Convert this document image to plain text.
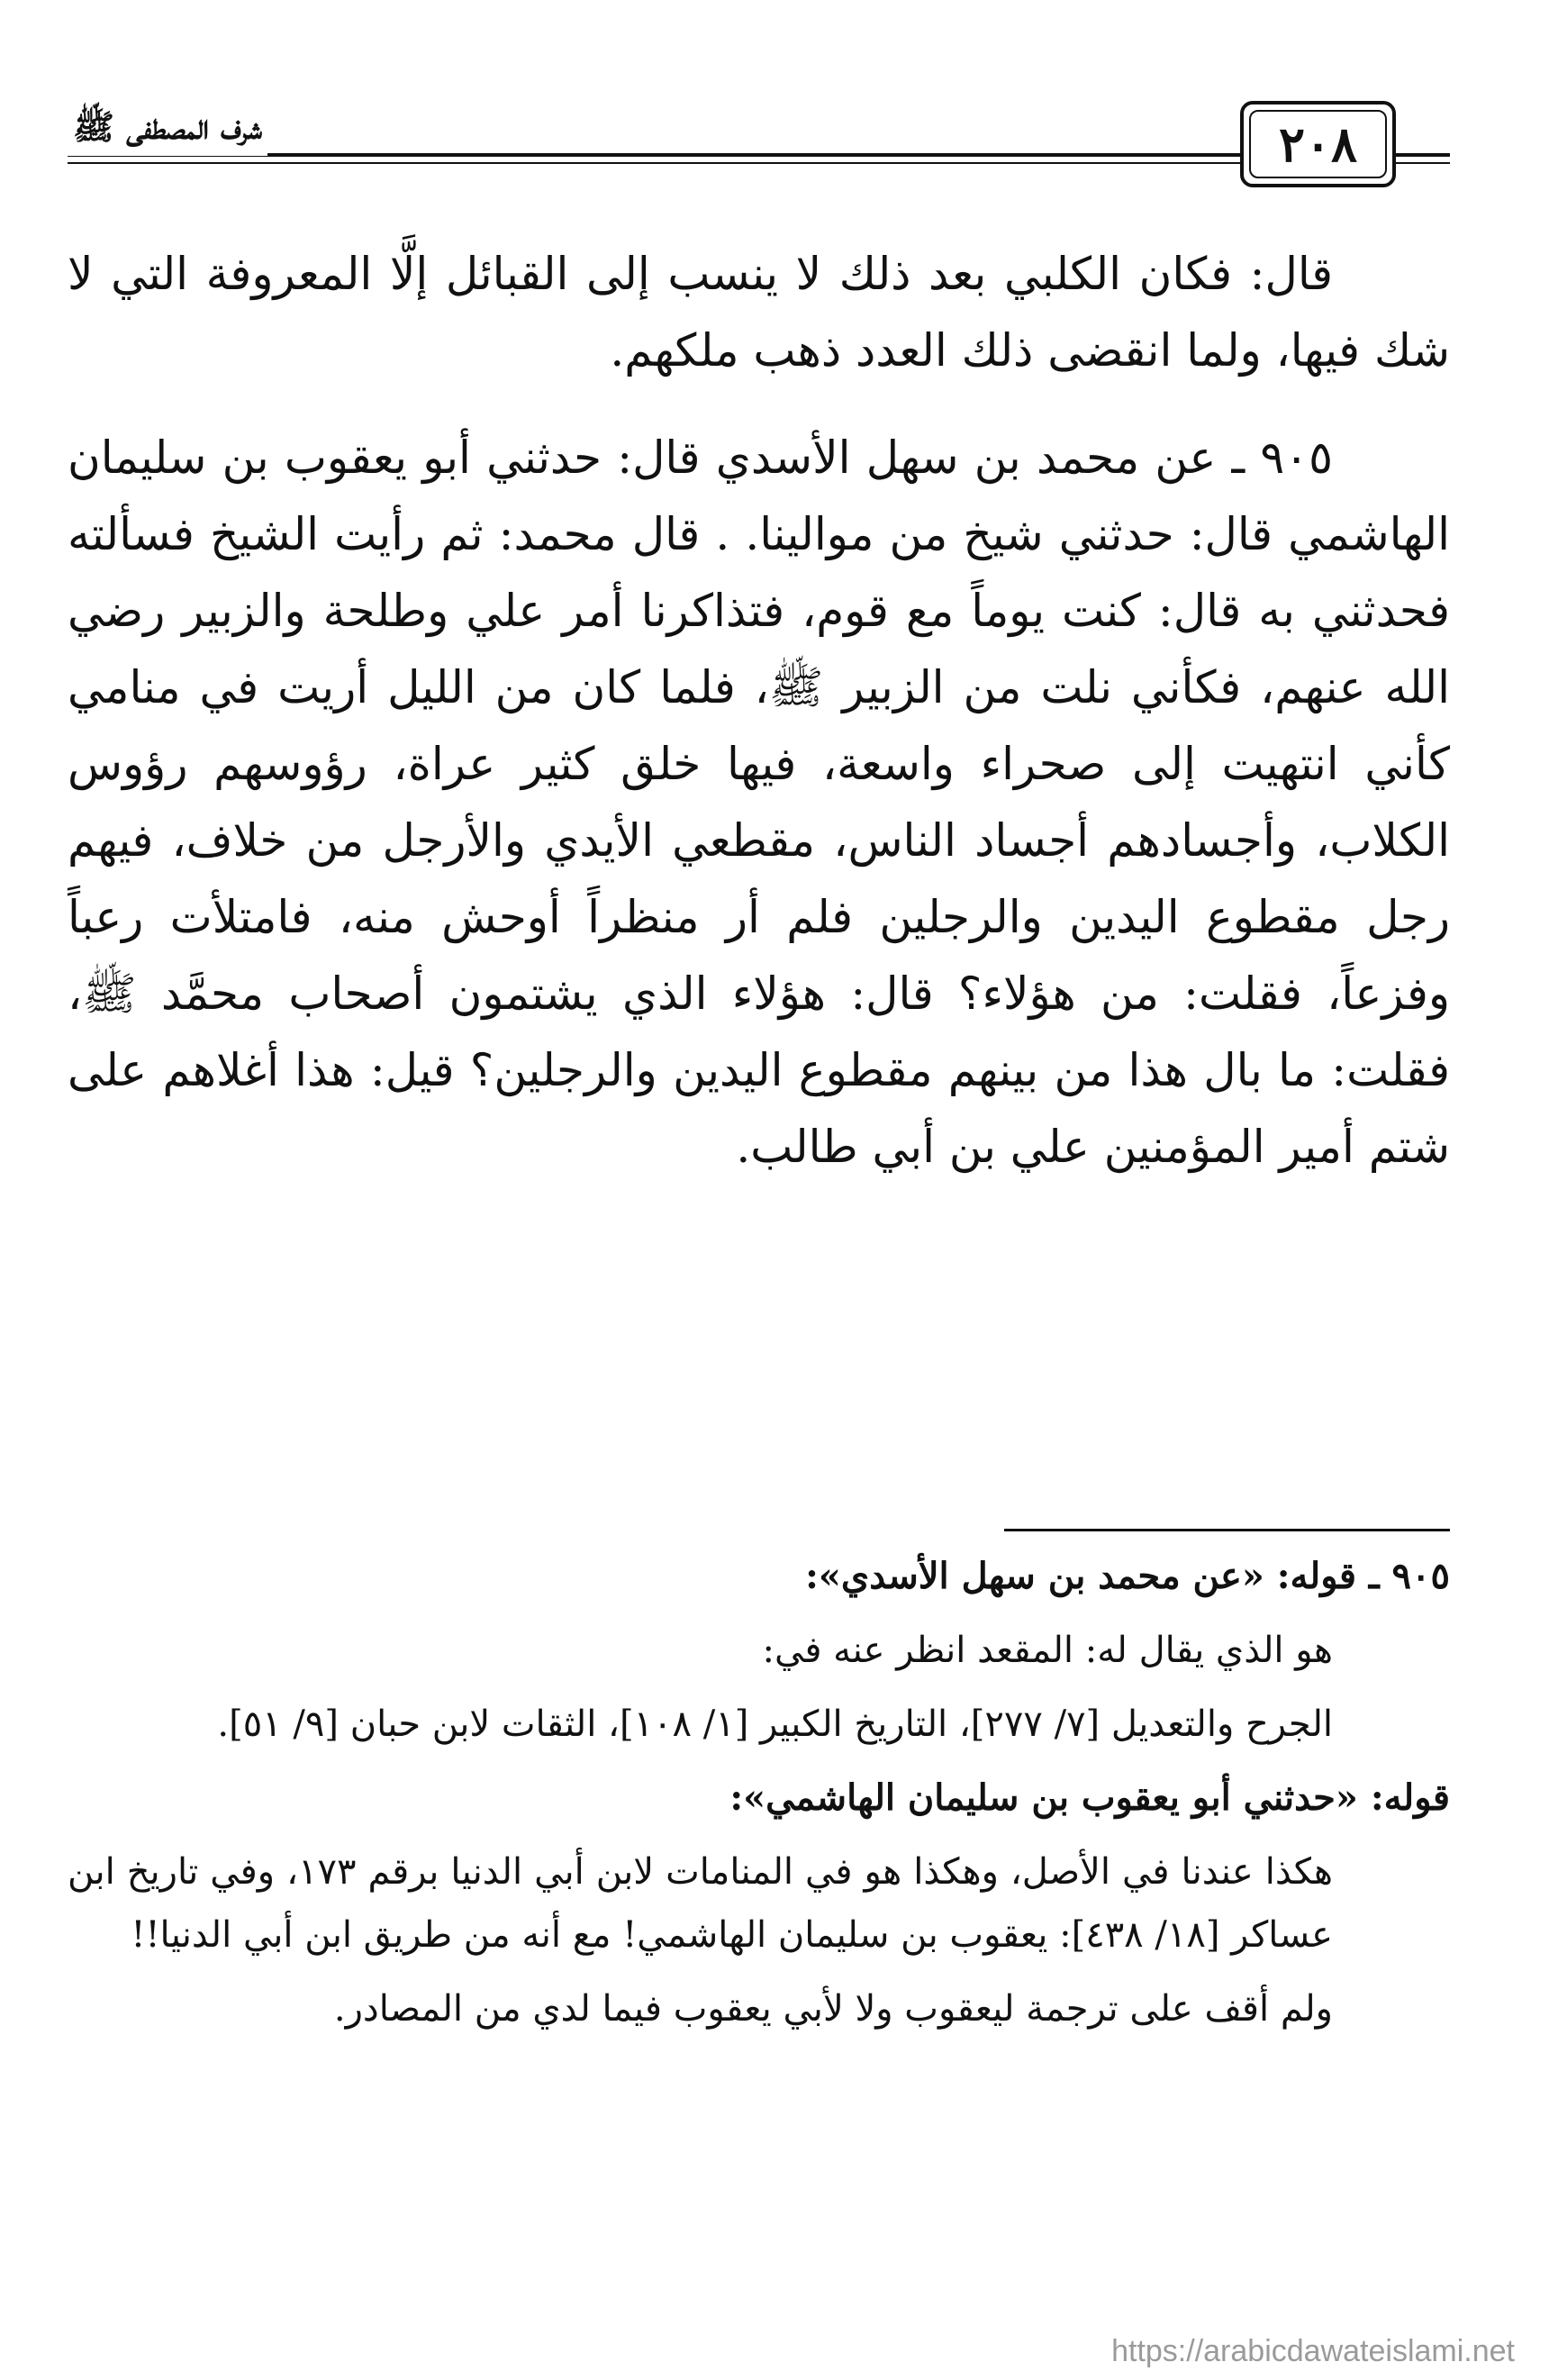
٢٠٨
شرف المصطفى ﷺ

قال: فكان الكلبي بعد ذلك لا ينسب إلى القبائل إلَّا المعروفة التي لا شك فيها، ولما انقضى ذلك العدد ذهب ملكهم.

٩٠٥ ـ عن محمد بن سهل الأسدي قال: حدثني أبو يعقوب بن سليمان الهاشمي قال: حدثني شيخ من موالينا. . قال محمد: ثم رأيت الشيخ فسألته فحدثني به قال: كنت يوماً مع قوم، فتذاكرنا أمر علي وطلحة والزبير رضي الله عنهم، فكأني نلت من الزبير ﷺ، فلما كان من الليل أريت في منامي كأني انتهيت إلى صحراء واسعة، فيها خلق كثير عراة، رؤوسهم رؤوس الكلاب، وأجسادهم أجساد الناس، مقطعي الأيدي والأرجل من خلاف، فيهم رجل مقطوع اليدين والرجلين فلم أر منظراً أوحش منه، فامتلأت رعباً وفزعاً، فقلت: من هؤلاء؟ قال: هؤلاء الذي يشتمون أصحاب محمَّد ﷺ، فقلت: ما بال هذا من بينهم مقطوع اليدين والرجلين؟ قيل: هذا أغلاهم على شتم أمير المؤمنين علي بن أبي طالب.

٩٠٥ ـ قوله: «عن محمد بن سهل الأسدي»:

هو الذي يقال له: المقعد انظر عنه في:

الجرح والتعديل [٧/ ٢٧٧]، التاريخ الكبير [١/ ١٠٨]، الثقات لابن حبان [٩/ ٥١].

قوله: «حدثني أبو يعقوب بن سليمان الهاشمي»:

هكذا عندنا في الأصل، وهكذا هو في المنامات لابن أبي الدنيا برقم ١٧٣، وفي تاريخ ابن عساكر [١٨/ ٤٣٨]: يعقوب بن سليمان الهاشمي! مع أنه من طريق ابن أبي الدنيا!!

ولم أقف على ترجمة ليعقوب ولا لأبي يعقوب فيما لدي من المصادر.

https://arabicdawateislami.net
